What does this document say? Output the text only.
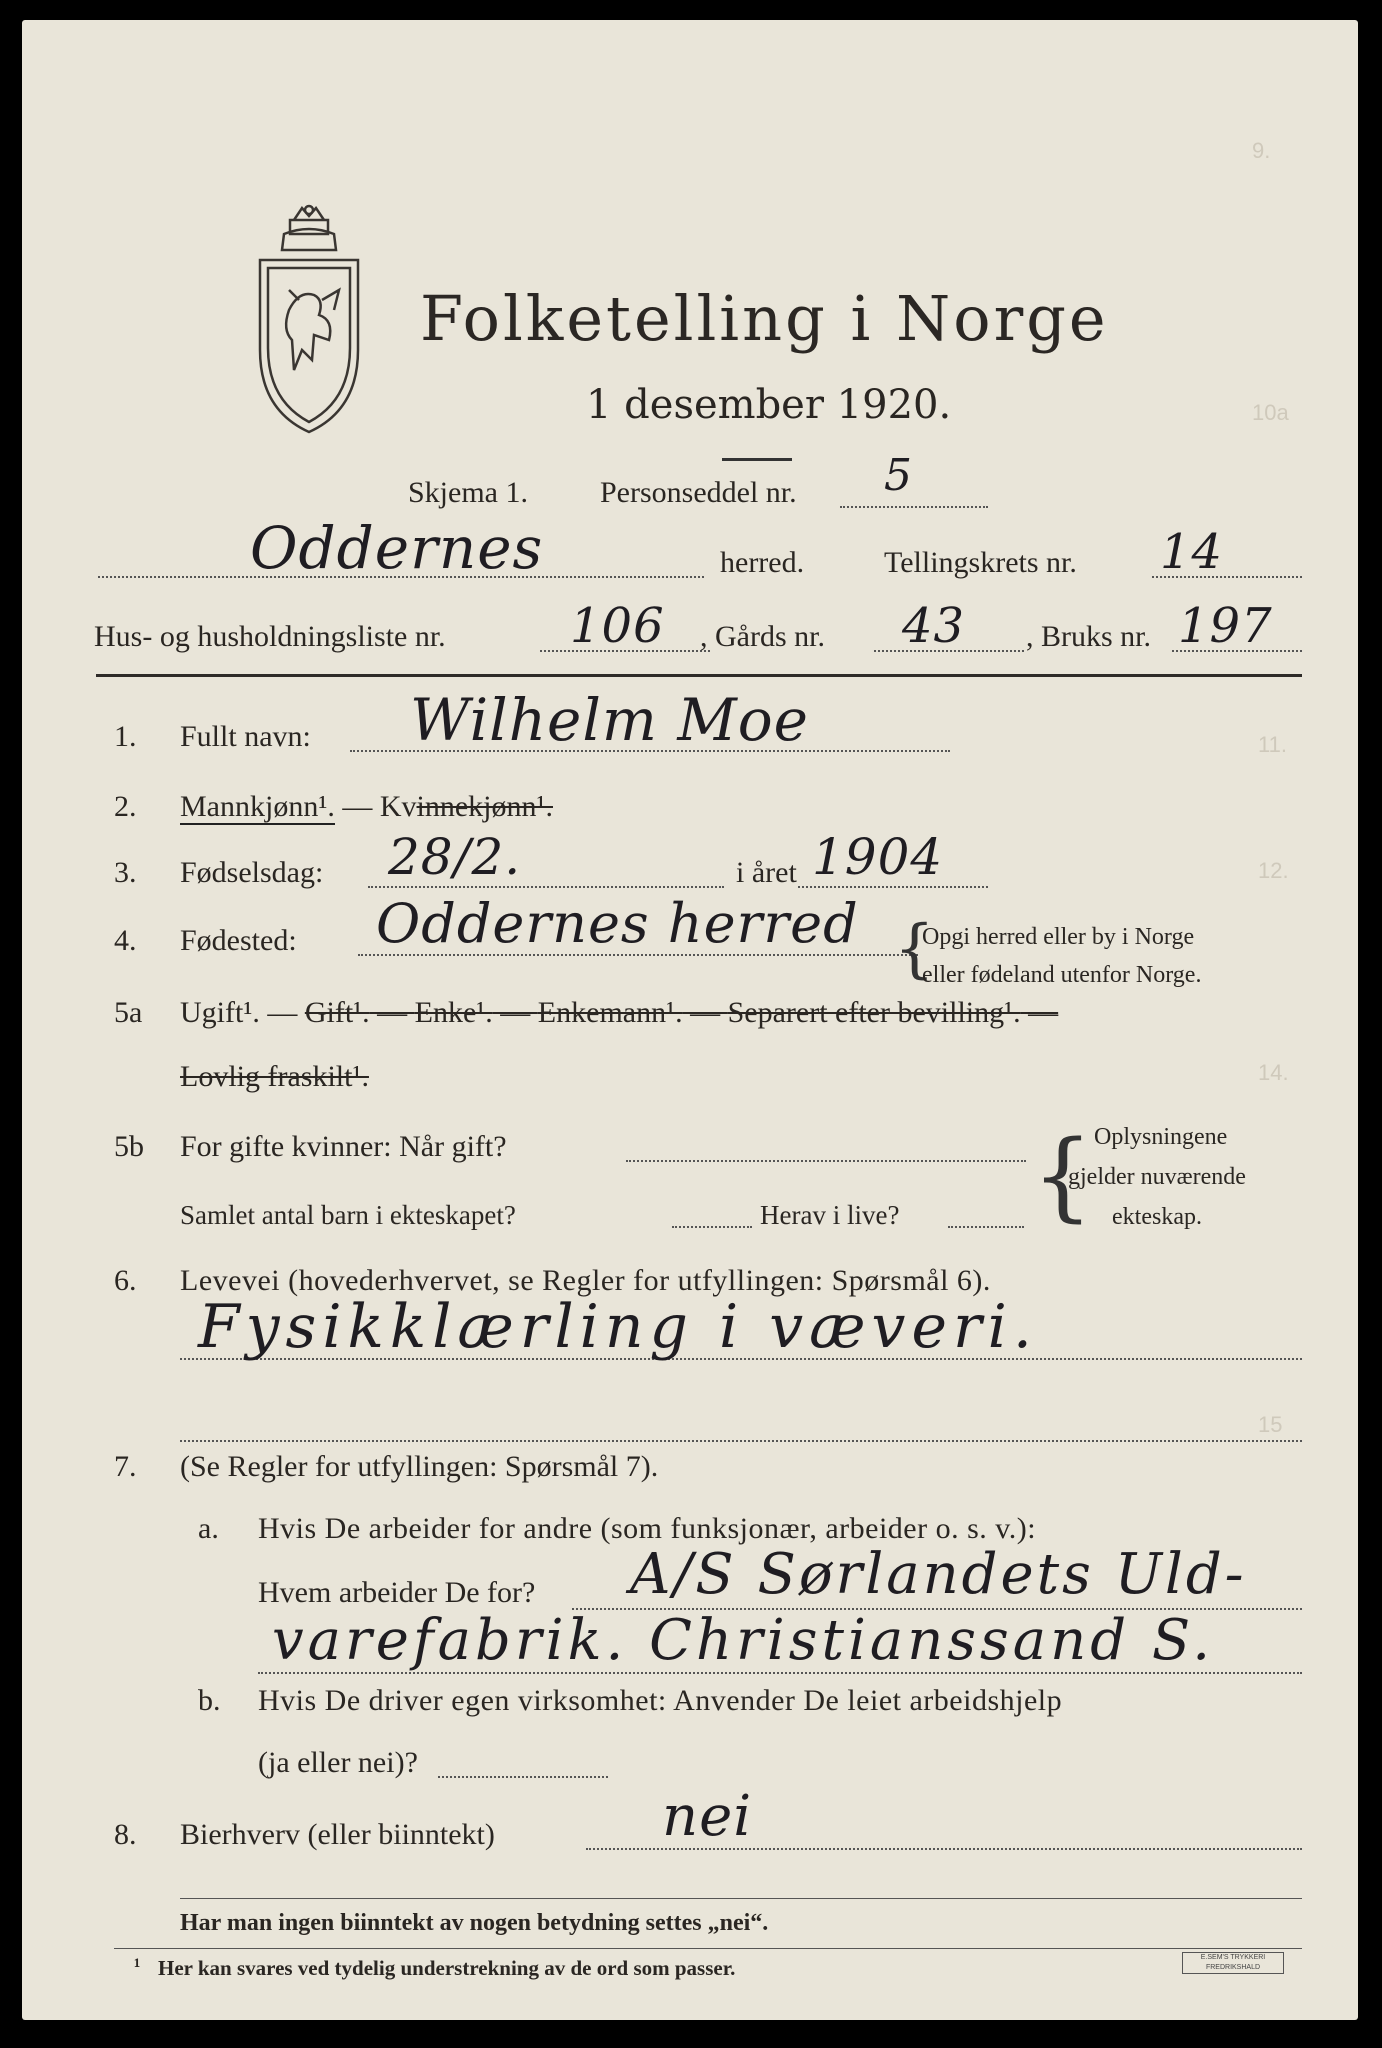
9.
10a
11.
12.
14.
15
Folketelling i Norge
1 desember 1920.
Skjema 1. Personseddel nr. 5
Oddernes	herred.	Tellingskrets nr. 14
Hus- og husholdningsliste nr.	106 , Gårds nr. 43 , Bruks nr. 197
1. Fullt navn: Wilhelm Moe
2. Mannkjønn¹. — Kvinnekjønn¹.
3. Fødselsdag: 28/2.	i året 1904
4. Fødested: Oddernes herred {
Opgi herred eller by i Norge
eller fødeland utenfor Norge.
5a Ugift¹. — Gift¹. — Enke¹. — Enkemann¹. — Separert efter bevilling¹. —
Lovlig fraskilt¹.
5b For gifte kvinner: Når gift?
Samlet antal barn i ekteskapet?	Herav i live? { Oplysningene
gjelder nuværende
ekteskap.
6. Levevei (hovederhvervet, se Regler for utfyllingen: Spørsmål 6).
Fysikklærling i væveri.
7. (Se Regler for utfyllingen: Spørsmål 7).
a. Hvis De arbeider for andre (som funksjonær, arbeider o. s. v.):
Hvem arbeider De for? A/S Sørlandets Uld-
varefabrik. Christianssand S.
b. Hvis De driver egen virksomhet: Anvender De leiet arbeidshjelp
(ja eller nei)?
8. Bierhverv (eller biinntekt)	nei
Har man ingen biinntekt av nogen betydning settes „nei“.
¹ Her kan svares ved tydelig understrekning av de ord som passer.	E.SEM'S TRYKKERI FREDRIKSHALD
